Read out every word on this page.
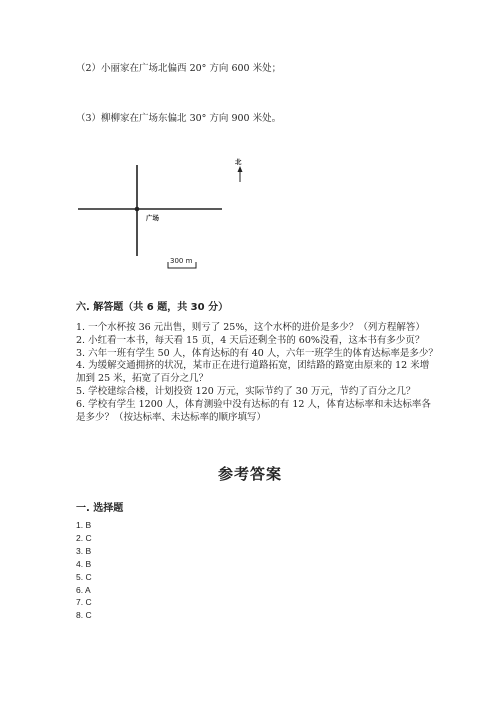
（2）小丽家在广场北偏西 20° 方向 600 米处；
（3）柳柳家在广场东偏北 30° 方向 900 米处。
广场
北
300 m
六. 解答题（共 6 题，共 30 分）
1. 一个水杯按 36 元出售，则亏了 25%，这个水杯的进价是多少？（列方程解答）
2. 小红看一本书，每天看 15 页，4 天后还剩全书的 60%没看，这本书有多少页？
3. 六年一班有学生 50 人，体育达标的有 40 人，六年一班学生的体育达标率是多少？
4. 为缓解交通拥挤的状况，某市正在进行道路拓宽，团结路的路宽由原来的 12 米增加到 25 米，拓宽了百分之几？
5. 学校建综合楼，计划投资 120 万元，实际节约了 30 万元，节约了百分之几？
6. 学校有学生 1200 人，体育测验中没有达标的有 12 人，体育达标率和未达标率各是多少？（按达标率、未达标率的顺序填写）
参考答案
一. 选择题
1. B
2. C
3. B
4. B
5. C
6. A
7. C
8. C
